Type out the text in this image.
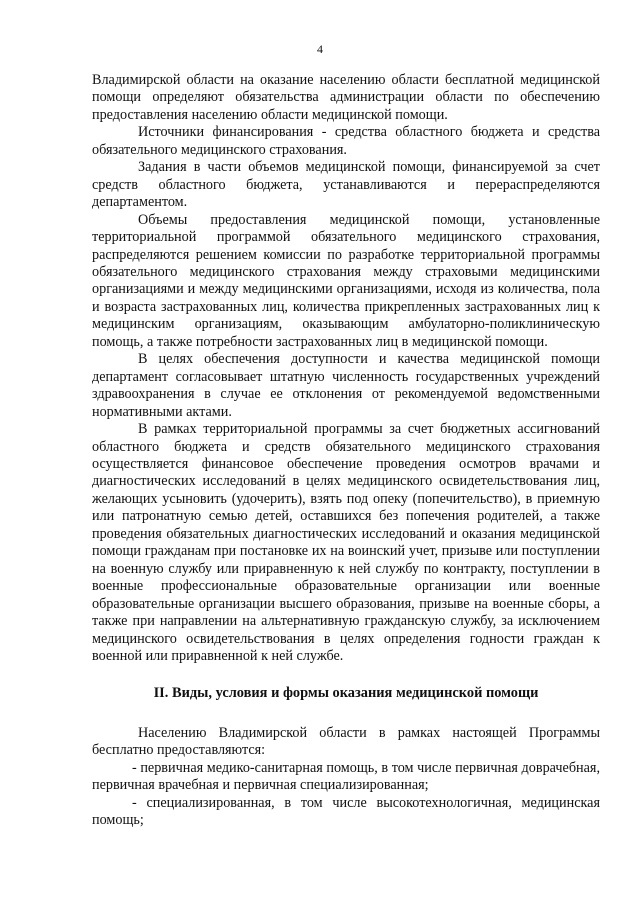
4

Владимирской области на оказание населению области бесплатной медицинской помощи определяют обязательства администрации области по обеспечению предоставления населению области медицинской помощи.

Источники финансирования - средства областного бюджета и средства обязательного медицинского страхования.

Задания в части объемов медицинской помощи, финансируемой за счет средств областного бюджета, устанавливаются и перераспределяются департаментом.

Объемы предоставления медицинской помощи, установленные территориальной программой обязательного медицинского страхования, распределяются решением комиссии по разработке территориальной программы обязательного медицинского страхования между страховыми медицинскими организациями и между медицинскими организациями, исходя из количества, пола и возраста застрахованных лиц, количества прикрепленных застрахованных лиц к медицинским организациям, оказывающим амбулаторно-поликлиническую помощь, а также потребности застрахованных лиц в медицинской помощи.

В целях обеспечения доступности и качества медицинской помощи департамент согласовывает штатную численность государственных учреждений здравоохранения в случае ее отклонения от рекомендуемой ведомственными нормативными актами.

В рамках территориальной программы за счет бюджетных ассигнований областного бюджета и средств обязательного медицинского страхования осуществляется финансовое обеспечение проведения осмотров врачами и диагностических исследований в целях медицинского освидетельствования лиц, желающих усыновить (удочерить), взять под опеку (попечительство), в приемную или патронатную семью детей, оставшихся без попечения родителей, а также проведения обязательных диагностических исследований и оказания медицинской помощи гражданам при постановке их на воинский учет, призыве или поступлении на военную службу или приравненную к ней службу по контракту, поступлении в военные профессиональные образовательные организации или военные образовательные организации высшего образования, призыве на военные сборы, а также при направлении на альтернативную гражданскую службу, за исключением медицинского освидетельствования в целях определения годности граждан к военной или приравненной к ней службе.

II. Виды, условия и формы оказания медицинской помощи

Населению Владимирской области в рамках настоящей Программы бесплатно предоставляются:

- первичная медико-санитарная помощь, в том числе первичная доврачебная, первичная врачебная и первичная специализированная;

- специализированная, в том числе высокотехнологичная, медицинская помощь;
